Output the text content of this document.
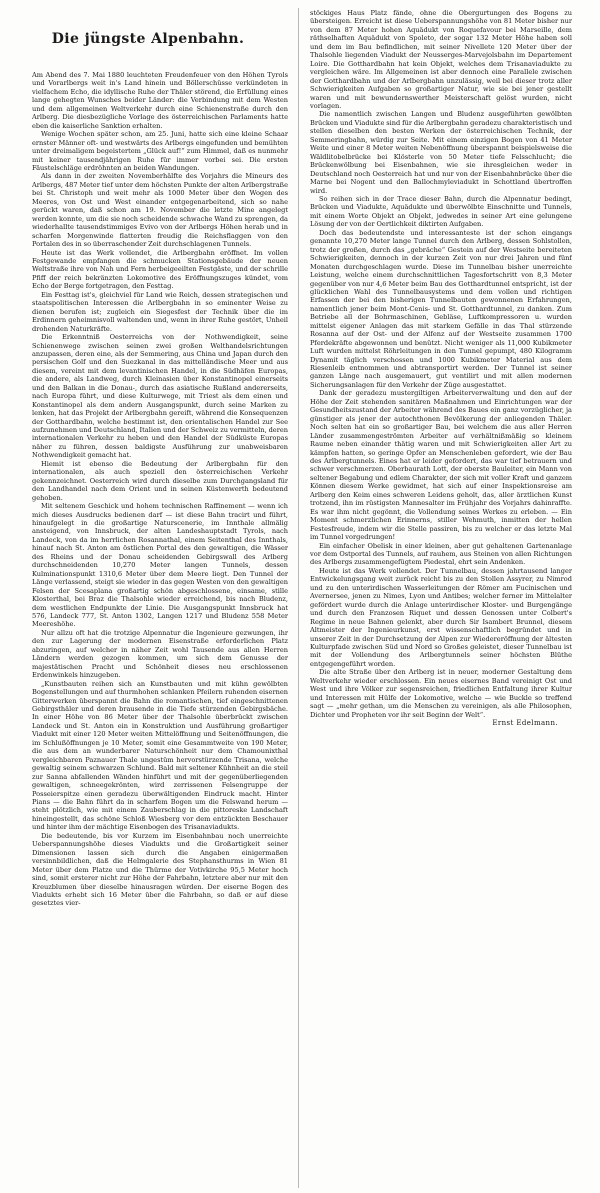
Die jüngste Alpenbahn.

Am Abend des 7. Mai 1880 leuchteten Freudenfeuer von den Höhen Tyrols und Vorarlbergs weit in's Land hinein und Böllerschüsse verkündeten in vielfachem Echo, die idyllische Ruhe der Thäler störend, die Erfüllung eines lange gehegten Wunsches beider Länder: die Verbindung mit dem Westen und dem allgemeinen Weltverkehr durch eine Schienenstraße durch den Arlberg. Die diesbezügliche Vorlage des österreichischen Parlaments hatte eben die kaiserliche Sanktion erhalten.

Wenige Wochen später schon, am 25. Juni, hatte sich eine kleine Schaar ernster Männer oft- und westwärts des Arlbergs eingefunden und bemühten unter dreimaligem begeistertem „Glück auf!“ zum Himmel, daß es nunmehr mit keiner tausendjährigen Ruhe für immer vorbei sei. Die ersten Fäustelschläge erdröhnten an beiden Wandungen.

Als dann in der zweiten Novemberhälfte des Vorjahrs die Mineurs des Arlbergs, 487 Meter tief unter dem höchsten Punkte der alten Arlbergstraße bei St. Christoph und weit mehr als 1000 Meter über den Wogen des Meeres, von Ost und West einander entgegenarbeitend, sich so nahe gerückt waren, daß schon am 19. November die letzte Mine angelegt werden konnte, um die sie noch scheidende schwache Wand zu sprengen, da wiederhallte tausendstimmiges Evivo von der Arlbergs Höhen herab und in scharfen Morgenwinde flatterten freudig die Reichsflaggen von den Portalen des in so überraschender Zeit durchschlagenen Tunnels.

Heute ist das Werk vollendet, die Arlbergbahn eröffnet. Im vollen Festgewande empfangen die schmucken Stationsgebäude der neuen Weltstraße ihre von Nah und Fern herbeigeeilten Festgäste, und der schrille Pfiff der reich bekränzten Lokomotive des Eröffnungszuges kündet, vom Echo der Berge fortgetragen, den Festtag.

Ein Festtag ist's, gleichviel für Land wie Reich, dessen strategischen und staatspolitischen Interessen die Arlbergbahn in so eminenter Weise zu dienen berufen ist; zugleich ein Siegesfest der Technik über die im Erdinnern geheimnisvoll waltenden und, wenn in ihrer Ruhe gestört, Unheil drohenden Naturkräfte.

Die Erkenntniß Oesterreichs von der Nothwendigkeit, seine Schienenwege zwischen seinen zwei großen Welthandelsrichtungen anzupassen, deren eine, als der Semmering, aus China und Japan durch den persischen Golf und den Suezkanal in das mittelländische Meer und aus diesem, vereint mit dem levantinischen Handel, in die Südhäfen Europas, die andere, als Landweg, durch Kleinasien über Konstantinopel einerseits und den Balkan in die Donau-, durch das asiatische Rußland andererseits, nach Europa führt, und diese Kulturwege, mit Triest als dem einen und Konstantinopel als dem andern Ausgangspunkt, durch seine Marken zu lenken, hat das Projekt der Arlbergbahn gereift, während die Konsequenzen der Gotthardbahn, welche bestimmt ist, den orientalischen Handel zur See aufzunehmen und Deutschland, Italien und der Schweiz zu vermitteln, deren internationalen Verkehr zu heben und den Handel der Südküste Europas näher zu führen, dessen baldigste Ausführung zur unabweisbaren Nothwendigkeit gemacht hat.

Hiemit ist ebenso die Bedeutung der Arlbergbahn für den internationalen, als auch speziell den österreichischen Verkehr gekennzeichnet. Oesterreich wird durch dieselbe zum Durchgangsland für den Landhandel nach dem Orient und in seinen Küstenwerth bedeutend gehoben.

Mit seltenem Geschick und hohem technischen Raffinement — wenn ich mich dieses Ausdrucks bedienen darf — ist diese Bahn tracirt und führt, hinaufgelegt in die großartige Naturscenerie, im Innthale allmälig ansteigend, von Innsbruck, der alten Landeshauptstadt Tyrols, nach Landeck, von da im herrlichen Rosannathal, einem Seitenthal des Innthals, hinauf nach St. Anton am östlichen Portal des den gewaltigen, die Wässer des Rheins und der Donau scheidenden Gebirgswall des Arlberg durchschneidenden 10,270 Meter langen Tunnels, dessen Kulminationspunkt 1310,6 Meter über dem Meere liegt. Den Tunnel der Länge verlassend, steigt sie wieder in das gegen Westen von den gewaltigen Felsen der Scesaplana großartig schön abgeschlossene, einsame, stille Klosterthal, bei Braz die Thalsohle wieder erreichend, bis nach Bludenz, dem westlichen Endpunkte der Linie. Die Ausgangspunkt Innsbruck hat 576, Landeck 777, St. Anton 1302, Langen 1217 und Bludenz 558 Meter Meereshöhe.

Nur allzu oft hat die trotzige Alpennatur die Ingenieure gezwungen, ihr den zur Lagerung der modernen Eisenstraße erforderlichen Platz abzuringen, auf welcher in näher Zeit wohl Tausende aus allen Herren Ländern werden gezogen kommen, um sich dem Genusse der majestätischen Pracht und Schönheit dieses neu erschlossenen Erdenwinkels hinzugeben.

„Kunstbauten reihen sich an Kunstbauten und mit kühn gewölbten Bogenstellungen und auf thurmhohen schlanken Pfeilern ruhenden eisernen Gitterwerken überspannt die Bahn die romantischen, tief eingeschnittenen Gebirgsthäler und deren brausende in die Tiefe stürzenden Gebirgsbäche. In einer Höhe von 86 Meter über der Thalsohle überbrückt zwischen Landeck und St. Anton ein in Konstruktion und Ausführung großartiger Viadukt mit einer 120 Meter weiten Mittelöffnung und Seitenöffnungen, die im Schlußöffnungen je 10 Meter, somit eine Gesammtweite von 190 Meter, die aus dem an wunderbarer Naturschönheit nur dem Chamounixthal vergleichbaren Paznauer Thale ungestüm hervorstürzende Trisana, welche gewaltig seinem schwarzen Schlund. Bald mit seltener Kühnheit an die steil zur Sanna abfallenden Wänden hinführt und mit der gegenüberliegenden gewaltigen, schneegekrönten, wird zerrissenen Felsengruppe der Posseierspitze einen geradezu überwältigenden Eindruck macht. Hinter Pians — die Bahn führt da in scharfem Bogen um die Felswand herum — steht plötzlich, wie mit einem Zauberschlag in die pittoreske Landschaft hineingestellt, das schöne Schloß Wiesberg vor dem entzückten Beschauer und hinter ihm der mächtige Eisenbogen des Trisanaviadukts.

Die bedeutende, bis vor Kurzem im Eisenbahnbau noch unerreichte Ueberspannungshöhe dieses Viadukts und die Großartigkeit seiner Dimensionen lassen sich durch die Angaben einigermaßen versinnbildlichen, daß die Helmgalerie des Stephansthurms in Wien 81 Meter über dem Platze und die Thürme der Votivkirche 95,5 Meter hoch sind, somit ersterer nicht zur Höhe der Fahrbahn, letztere aber nur mit den Kreuzblumen über dieselbe hinausragen würden. Der eiserne Bogen des Viadukts erhebt sich 16 Meter über die Fahrbahn, so daß er auf diese gesetztes vier-

stöckiges Haus Platz fände, ohne die Obergurtungen des Bogens zu übersteigen. Erreicht ist diese Ueberspannungshöhe von 81 Meter bisher nur von dem 87 Meter hohen Aquädukt von Roquefavour bei Marseille, dem räthselhaften Aquädukt von Spoleto, der sogar 132 Meter Höhe haben soll und dem im Bau befindlichen, mit seiner Nivellete 120 Meter über der Thalsohle liegenden Viadukt der Neusserges-Marvejolsbahn im Departement Loire. Die Gotthardbahn hat kein Objekt, welches dem Trisanaviadukte zu vergleichen wäre. Im Allgemeinen ist aber dennoch eine Parallele zwischen der Gotthardbahn und der Arlbergbahn unzulässig, weil bei dieser trotz aller Schwierigkeiten Aufgaben so großartiger Natur, wie sie bei jener gestellt waren und mit bewundernswerther Meisterschaft gelöst wurden, nicht vorlagen.

Die namentlich zwischen Langen und Bludenz ausgeführten gewölbten Brücken und Viadukte sind für die Arlbergbahn geradezu charakteristisch und stellen dieselben den besten Werken der österreichischen Technik, der Semmeringbahn, würdig zur Seite. Mit einem einzigen Bogen von 41 Meter Weite und einer 8 Meter weiten Nebenöffnung überspannt beispielsweise die Wäldlitobelbrücke bei Klösterle von 50 Meter tiefe Felsschlucht; die Brückenwölbung bei Eisenbahnen, wie sie ihresgleichen weder in Deutschland noch Oesterreich hat und nur von der Eisenbahnbrücke über die Marne bei Nogent und den Ballochmyleviadukt in Schottland übertroffen wird.

So reihen sich in der Trace dieser Bahn, durch die Alpennatur bedingt, Brücken und Viadukte, Aquädukte und überwölbte Einschnitte und Tunnels, mit einem Worte Objekt an Objekt, jedwedes in seiner Art eine gelungene Lösung der von der Oertlichkeit diktirten Aufgaben.

Doch das bedeutendste und interessanteste ist der schon eingangs genannte 10,270 Meter lange Tunnel durch den Arlberg, dessen Sohlstollen, trotz der großen, durch das „gebräche“ Gestein auf der Westseite bereiteten Schwierigkeiten, dennoch in der kurzen Zeit von nur drei Jahren und fünf Monaten durchgeschlagen wurde. Diese im Tunnelbau bisher unerreichte Leistung, welche einem durchschnittlichen Tagesfortschritt von 8,3 Meter gegenüber von nur 4,6 Meter beim Bau des Gotthardtunnel entspricht, ist der glücklichen Wahl des Tunnelbausystems und dem vollen und richtigen Erfassen der bei den bisherigen Tunnelbauten gewonnenen Erfahrungen, namentlich jener beim Mont-Cenis- und St. Gotthardtunnel, zu danken. Zum Betriebe all der Bohrmaschinen, Gebläse, Luftkompressoren u. wurden mittelst eigener Anlagen das mit starkem Gefälle in das Thal stürzende Rosanna auf der Ost- und der Alfenz auf der Westseite zusammen 1700 Pferdekräfte abgewonnen und benützt. Nicht weniger als 11,000 Kubikmeter Luft wurden mittelst Röhrleitungen in den Tunnel gepumpt, 480 Kilogramm Dynamit täglich verschossen und 1000 Kubikmeter Material aus dem Riesenleib entnommen und abtransportirt werden. Der Tunnel ist seiner ganzen Länge nach ausgemauert, gut ventilirt und mit allen modernen Sicherungsanlagen für den Verkehr der Züge ausgestattet.

Dank der geradezu mustergiltigen Arbeiterverwaltung und den auf der Höhe der Zeit stehenden sanitären Maßnahmen und Einrichtungen war der Gesundheitszustand der Arbeiter während des Baues ein ganz vorzüglicher, ja günstiger als jener der autochthonen Bevölkerung der anliegenden Thäler. Noch selten hat ein so großartiger Bau, bei welchem die aus aller Herren Länder zusammengeströmten Arbeiter auf verhältnißmäßig so kleinem Raume neben einander thätig waren und mit Schwierigkeiten aller Art zu kämpfen hatten, so geringe Opfer an Menschenleben gefordert, wie der Bau des Arlbergtunnels. Eines hat er leider gefordert, das war tief betrauern und schwer verschmerzen. Oberbaurath Lott, der oberste Bauleiter, ein Mann von seltener Begabung und edlem Charakter, der sich mit voller Kraft und ganzem Können diesem Werke gewidmet, hat sich auf einer Inspektionsreise am Arlberg den Keim eines schweren Leidens geholt, das, aller ärztlichen Kunst trotzend, ihn im rüstigsten Mannesalter im Frühjahr des Vorjahrs dahinraffte. Es war ihm nicht gegönnt, die Vollendung seines Werkes zu erleben. — Ein Moment schmerzlichen Erinnerns, stiller Wehmuth, inmitten der hellen Festesfreude, indem wir die Stelle passiren, bis zu welcher er das letzte Mal im Tunnel vorgedrungen!

Ein einfacher Obelisk in einer kleinen, aber gut gehaltenen Gartenanlage vor dem Ostportal des Tunnels, auf rauhem, aus Steinen von allen Richtungen des Arlbergs zusammengefügtem Piedestal, ehrt sein Andenken.

Heute ist das Werk vollendet. Der Tunnelbau, dessen jahrtausend langer Entwickelungsgang weit zurück reicht bis zu den Stollen Assyrer, zu Nimrod und zu den unterirdischen Wasserleitungen der Römer am Fucinischen und Avernersee, jenen zu Nimes, Lyon und Antibes; welcher ferner im Mittelalter gefördert wurde durch die Anlage unterirdischer Kloster- und Burgengänge und durch den Franzosen Riquet und dessen Genossen unter Colbert's Regime in neue Bahnen gelenkt, aber durch Sir Isambert Brunnel, diesem Altmeister der Ingenieurkunst, erst wissenschaftlich begründet und in unserer Zeit in der Durchsetzung der Alpen zur Wiedereröffnung der ältesten Kulturpfade zwischen Süd und Nord so Großes geleistet, dieser Tunnelbau ist mit der Vollendung des Arlbergtunnels seiner höchsten Blüthe entgegengeführt worden.

Die alte Straße über den Arlberg ist in neuer, moderner Gestaltung dem Weltverkehr wieder erschlossen. Ein neues eisernes Band vereinigt Ost und West und ihre Völker zur segensreichen, friedlichen Entfaltung ihrer Kultur und Interessen mit Hülfe der Lokomotive, welche — wie Buckle so treffend sagt — „mehr gethan, um die Menschen zu vereinigen, als alle Philosophen, Dichter und Propheten vor ihr seit Beginn der Welt“.

Ernst Edelmann.
